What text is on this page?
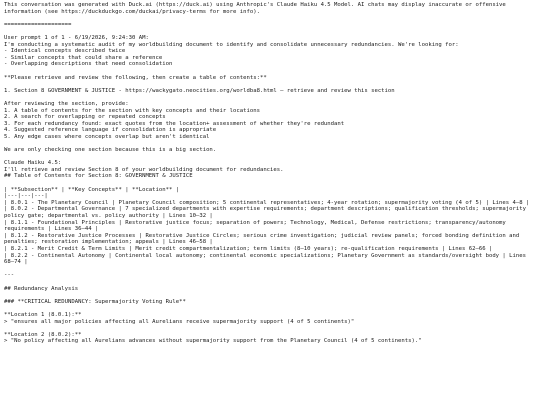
This conversation was generated with Duck.ai (https://duck.ai) using Anthropic's Claude Haiku 4.5 Model. AI chats may display inaccurate or offensive information (see https://duckduckgo.com/duckai/privacy-terms for more info).
====================
User prompt 1 of 1 - 6/19/2026, 9:24:30 AM:
I'm conducting a systematic audit of my worldbuilding document to identify and consolidate unnecessary redundancies. We're looking for:
- Identical concepts described twice
- Similar concepts that could share a reference
- Overlapping descriptions that need consolidation
**Please retrieve and review the following, then create a table of contents:**
1. Section 8 GOVERNMENT & JUSTICE - https://wackygato.neocities.org/worldba8.html — retrieve and review this section
After reviewing the section, provide:
1. A table of contents for the section with key concepts and their locations
2. A search for overlapping or repeated concepts
3. For each redundancy found: exact quotes from the location+ assessment of whether they're redundant
4. Suggested reference language if consolidation is appropriate
5. Any edge cases where concepts overlap but aren't identical
We are only checking one section because this is a big section.
Claude Haiku 4.5:
I'll retrieve and review Section 8 of your worldbuilding document for redundancies.
## Table of Contents for Section 8: GOVERNMENT & JUSTICE
| **Subsection** | **Key Concepts** | **Location** |
|---|---|---|
| 8.0.1 - The Planetary Council | Planetary Council composition; 5 continental representatives; 4-year rotation; supermajority voting (4 of 5) | Lines 4–8 |
| 8.0.2 - Departmental Governance | 7 specialized departments with expertise requirements; department descriptions; qualification thresholds; supermajority policy gate; departmental vs. policy authority | Lines 10–32 |
| 8.1.1 - Foundational Principles | Restorative justice focus; separation of powers; Technology, Medical, Defense restrictions; transparency/autonomy requirements | Lines 36–44 |
| 8.1.2 - Restorative Justice Processes | Restorative Justice Circles; serious crime investigation; judicial review panels; forced bonding definition and penalties; restoration implementation; appeals | Lines 46–58 |
| 8.2.1 - Merit Credit & Term Limits | Merit credit compartmentalization; term limits (8–10 years); re-qualification requirements | Lines 62–66 |
| 8.2.2 - Continental Autonomy | Continental local autonomy; continental economic specializations; Planetary Government as standards/oversight body | Lines 68–74 |
---
## Redundancy Analysis
### **CRITICAL REDUNDANCY: Supermajority Voting Rule**
**Location 1 (8.0.1):**
> "ensures all major policies affecting all Aurelians receive supermajority support (4 of 5 continents)"
**Location 2 (8.0.2):**
> "No policy affecting all Aurelians advances without supermajority support from the Planetary Council (4 of 5 continents)."
